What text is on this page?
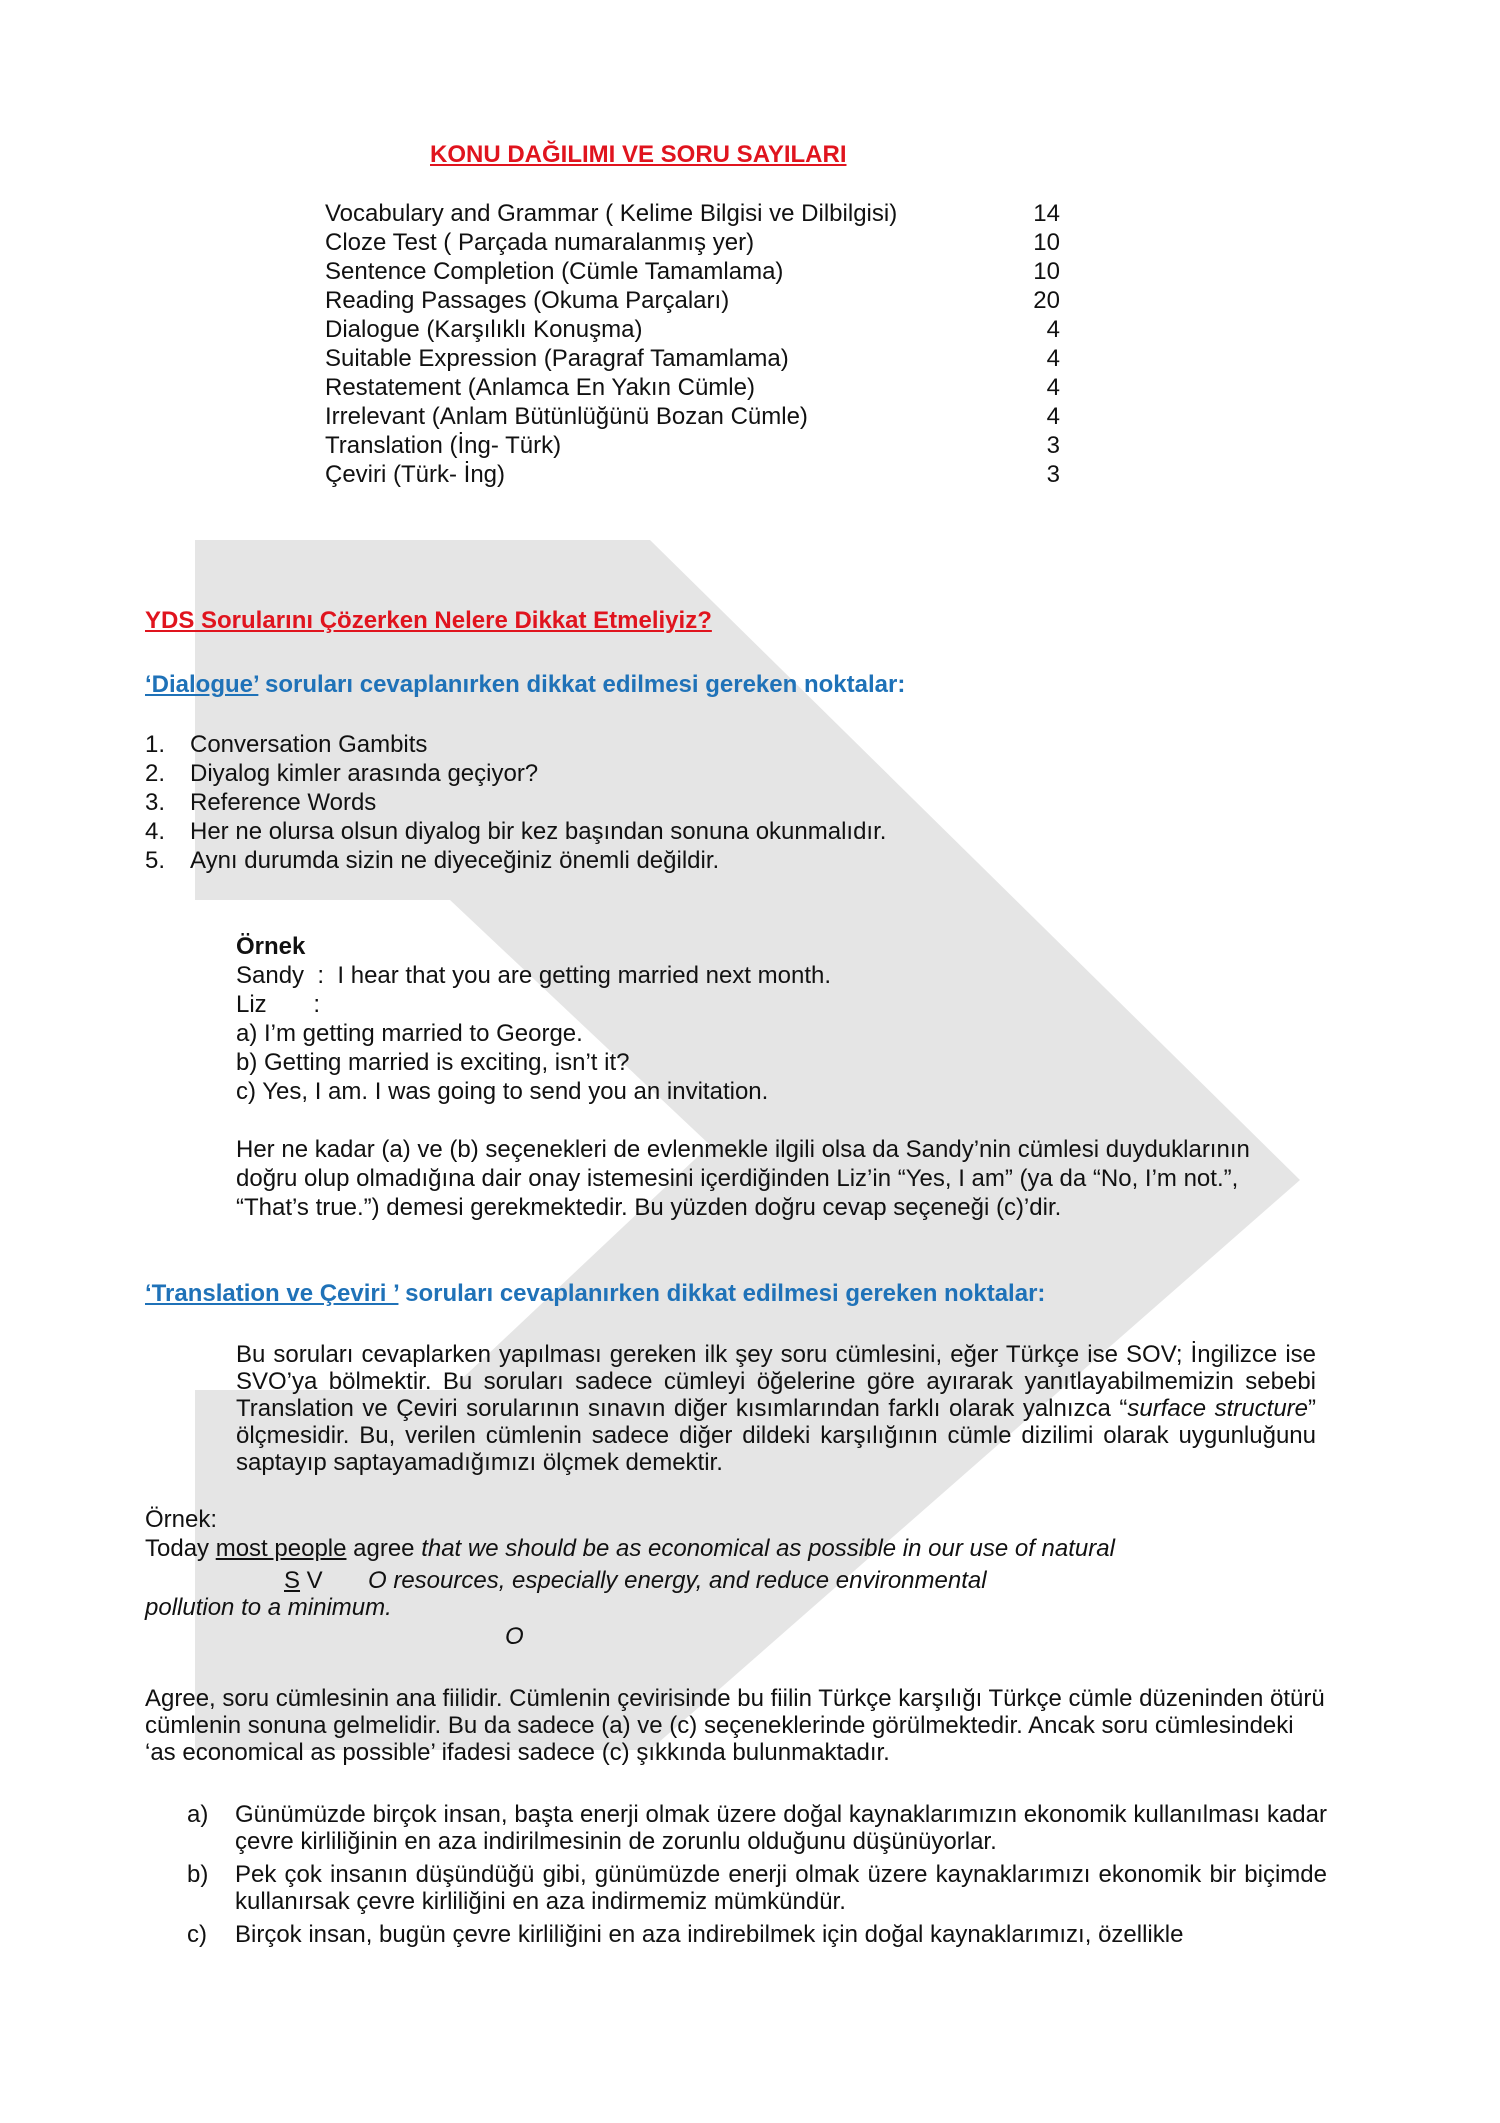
KONU DAĞILIMI VE SORU SAYILARI
Vocabulary and Grammar ( Kelime Bilgisi ve Dilbilgisi)	14
Cloze Test ( Parçada numaralanmış yer)	10
Sentence Completion (Cümle Tamamlama)	10
Reading Passages (Okuma Parçaları)	20
Dialogue (Karşılıklı Konuşma)	4
Suitable Expression (Paragraf Tamamlama)	4
Restatement (Anlamca En Yakın Cümle)	4
Irrelevant (Anlam Bütünlüğünü Bozan Cümle)	4
Translation (İng- Türk)	3
Çeviri (Türk- İng)	3
YDS Sorularını Çözerken Nelere Dikkat Etmeliyiz?
‘Dialogue’ soruları cevaplanırken dikkat edilmesi gereken noktalar:
1. Conversation Gambits
2. Diyalog kimler arasında geçiyor?
3. Reference Words
4. Her ne olursa olsun diyalog bir kez başından sonuna okunmalıdır.
5. Aynı durumda sizin ne diyeceğiniz önemli değildir.
Örnek
Sandy  :  I hear that you are getting married next month.
Liz       :
a) I’m getting married to George.
b) Getting married is exciting, isn’t it?
c) Yes, I am. I was going to send you an invitation.
Her ne kadar (a) ve (b) seçenekleri de evlenmekle ilgili olsa da Sandy’nin cümlesi duyduklarının doğru olup olmadığına dair onay istemesini içerdiğinden Liz’in “Yes, I am” (ya da “No, I’m not.”, “That’s true.”) demesi gerekmektedir. Bu yüzden doğru cevap seçeneği (c)’dir.
‘Translation ve Çeviri ’ soruları cevaplanırken dikkat edilmesi gereken noktalar:
Bu soruları cevaplarken yapılması gereken ilk şey soru cümlesini, eğer Türkçe ise SOV; İngilizce ise SVO’ya bölmektir. Bu soruları sadece cümleyi öğelerine göre ayırarak yanıtlayabilmemizin sebebi Translation ve Çeviri sorularının sınavın diğer kısımlarından farklı olarak yalnızca “surface structure” ölçmesidir. Bu, verilen cümlenin sadece diğer dildeki karşılığının cümle dizilimi olarak uygunluğunu saptayıp saptayamadığımızı ölçmek demektir.
Örnek:
Today most people agree that we should be as economical as possible in our use of natural
S V O resources, especially energy, and reduce environmental
pollution to a minimum.
O
Agree, soru cümlesinin ana fiilidir. Cümlenin çevirisinde bu fiilin Türkçe karşılığı Türkçe cümle düzeninden ötürü cümlenin sonuna gelmelidir. Bu da sadece (a) ve (c) seçeneklerinde görülmektedir. Ancak soru cümlesindeki ‘as economical as possible’ ifadesi sadece (c) şıkkında bulunmaktadır.
a) Günümüzde birçok insan, başta enerji olmak üzere doğal kaynaklarımızın ekonomik kullanılması kadar çevre kirliliğinin en aza indirilmesinin de zorunlu olduğunu düşünüyorlar.
b) Pek çok insanın düşündüğü gibi, günümüzde enerji olmak üzere kaynaklarımızı ekonomik bir biçimde kullanırsak çevre kirliliğini en aza indirmemiz mümkündür.
c) Birçok insan, bugün çevre kirliliğini en aza indirebilmek için doğal kaynaklarımızı, özellikle
